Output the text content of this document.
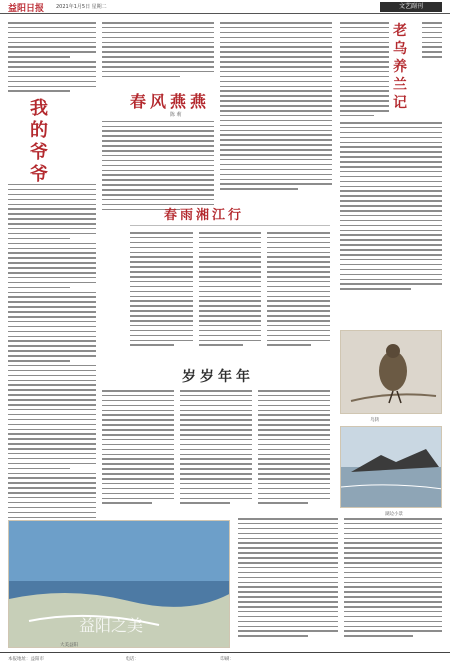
益阳日报 2021年1月5日 星期二	文艺副刊
我的爷爷
春风燕燕
陈 莉
春雨湘江行
岁岁年年
老乌养兰记
乌鸫
湖边小景
益阳之美
大美益阳
本报地址：益阳市	电话：	印刷：
